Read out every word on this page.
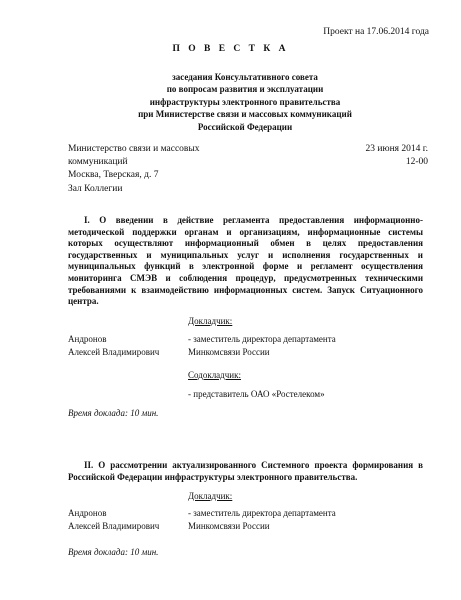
Проект на 17.06.2014 года
П О В Е С Т К А
заседания Консультативного совета
по вопросам развития и эксплуатации
инфраструктуры электронного правительства
при Министерстве связи и массовых коммуникаций
Российской Федерации
Министерство связи и массовых
коммуникаций
Москва, Тверская, д. 7
Зал Коллегии
23 июня 2014 г.
12-00
I. О введении в действие регламента предоставления информационно-методической поддержки органам и организациям, информационные системы которых осуществляют информационный обмен в целях предоставления государственных и муниципальных услуг и исполнения государственных и муниципальных функций в электронной форме и регламент осуществления мониторинга СМЭВ и соблюдения процедур, предусмотренных техническими требованиями к взаимодействию информационных систем. Запуск Ситуационного центра.
Докладчик:
Андронов
Алексей Владимирович
- заместитель директора департамента
Минкомсвязи России
Содокладчик:
- представитель ОАО «Ростелеком»
Время доклада: 10 мин.
II. О рассмотрении актуализированного Системного проекта формирования в Российской Федерации инфраструктуры электронного правительства.
Докладчик:
Андронов
Алексей Владимирович
- заместитель директора департамента
Минкомсвязи России
Время доклада: 10 мин.
